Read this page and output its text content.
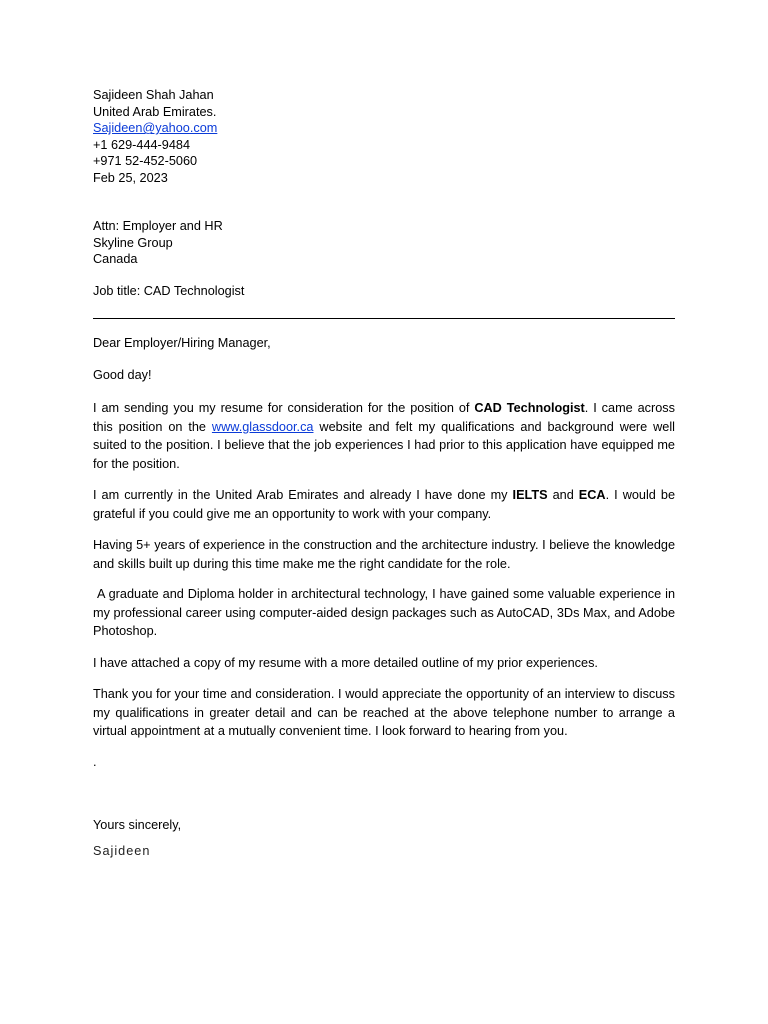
Sajideen Shah Jahan
United Arab Emirates.
Sajideen@yahoo.com
+1 629-444-9484
+971 52-452-5060
Feb 25, 2023
Attn: Employer and HR
Skyline Group
Canada
Job title: CAD Technologist

Dear Employer/Hiring Manager,

Good day!

I am sending you my resume for consideration for the position of CAD Technologist. I came across this position on the www.glassdoor.ca website and felt my qualifications and background were well suited to the position. I believe that the job experiences I had prior to this application have equipped me for the position.

I am currently in the United Arab Emirates and already I have done my IELTS and ECA. I would be grateful if you could give me an opportunity to work with your company.

Having 5+ years of experience in the construction and the architecture industry. I believe the knowledge and skills built up during this time make me the right candidate for the role.

A graduate and Diploma holder in architectural technology, I have gained some valuable experience in my professional career using computer-aided design packages such as AutoCAD, 3Ds Max, and Adobe Photoshop.

I have attached a copy of my resume with a more detailed outline of my prior experiences.

Thank you for your time and consideration. I would appreciate the opportunity of an interview to discuss my qualifications in greater detail and can be reached at the above telephone number to arrange a virtual appointment at a mutually convenient time. I look forward to hearing from you.

.

Yours sincerely,

Sajideen
